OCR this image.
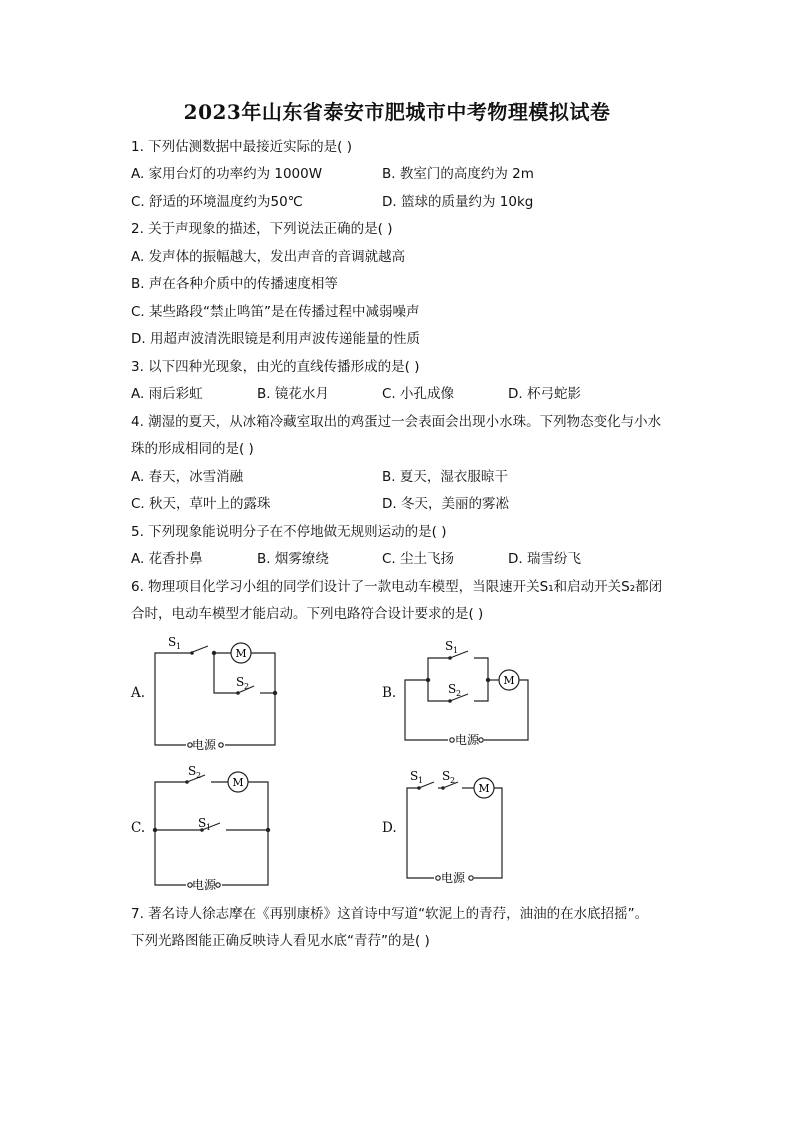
2023年山东省泰安市肥城市中考物理模拟试卷
1. 下列估测数据中最接近实际的是( )
A. 家用台灯的功率约为 1000W	B. 教室门的高度约为 2m
C. 舒适的环境温度约为50℃	D. 篮球的质量约为 10kg
2. 关于声现象的描述，下列说法正确的是( )
A. 发声体的振幅越大，发出声音的音调就越高
B. 声在各种介质中的传播速度相等
C. 某些路段“禁止鸣笛”是在传播过程中减弱噪声
D. 用超声波清洗眼镜是利用声波传递能量的性质
3. 以下四种光现象，由光的直线传播形成的是( )
A. 雨后彩虹	B. 镜花水月	C. 小孔成像	D. 杯弓蛇影
4. 潮湿的夏天，从冰箱冷藏室取出的鸡蛋过一会表面会出现小水珠。下列物态变化与小水
珠的形成相同的是( )
A. 春天，冰雪消融	B. 夏天，湿衣服晾干
C. 秋天，草叶上的露珠	D. 冬天，美丽的雾凇
5. 下列现象能说明分子在不停地做无规则运动的是( )
A. 花香扑鼻	B. 烟雾缭绕	C. 尘土飞扬	D. 瑞雪纷飞
6. 物理项目化学习小组的同学们设计了一款电动车模型，当限速开关S₁和启动开关S₂都闭
合时，电动车模型才能启动。下列电路符合设计要求的是( )
A.	B.
C.	D.
S 1
S 2
M
电源
S 1
S 2
M
电源
S 2
S 1
M
电源
S 1 S 2
M
电源
7. 著名诗人徐志摩在《再别康桥》这首诗中写道“软泥上的青荇，油油的在水底招摇”。
下列光路图能正确反映诗人看见水底“青荇”的是( )
